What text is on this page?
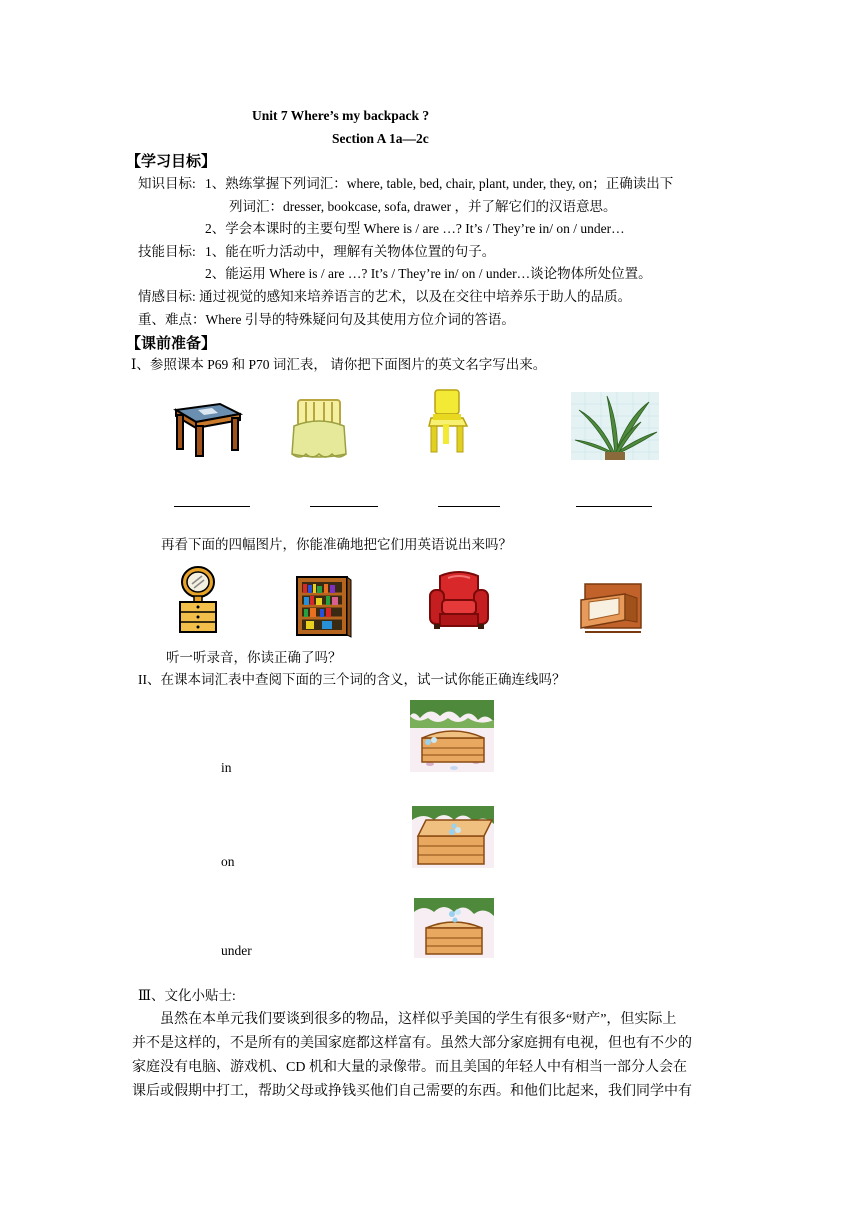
Unit 7 Where’s my backpack ?
Section A 1a—2c
【学习目标】
知识目标: 1、熟练掌握下列词汇：where, table, bed, chair, plant, under, they, on；正确读出下
列词汇：dresser, bookcase, sofa, drawer ，并了解它们的汉语意思。
2、学会本课时的主要句型 Where is / are …? It’s / They’re in/ on / under…
技能目标: 1、能在听力活动中，理解有关物体位置的句子。
2、能运用 Where is / are …? It’s / They’re in/ on / under…谈论物体所处位置。
情感目标: 通过视觉的感知来培养语言的艺术，以及在交往中培养乐于助人的品质。
重、难点：Where 引导的特殊疑问句及其使用方位介词的答语。
【课前准备】
Ⅰ、参照课本 P69 和 P70 词汇表， 请你把下面图片的英文名字写出来。
再看下面的四幅图片，你能准确地把它们用英语说出来吗？
听一听录音，你读正确了吗？
II、在课本词汇表中查阅下面的三个词的含义，试一试你能正确连线吗？
in
on
under
Ⅲ、文化小贴士:
虽然在本单元我们要谈到很多的物品，这样似乎美国的学生有很多“财产”，但实际上
并不是这样的，不是所有的美国家庭都这样富有。虽然大部分家庭拥有电视，但也有不少的
家庭没有电脑、游戏机、CD 机和大量的录像带。而且美国的年轻人中有相当一部分人会在
课后或假期中打工，帮助父母或挣钱买他们自己需要的东西。和他们比起来，我们同学中有
